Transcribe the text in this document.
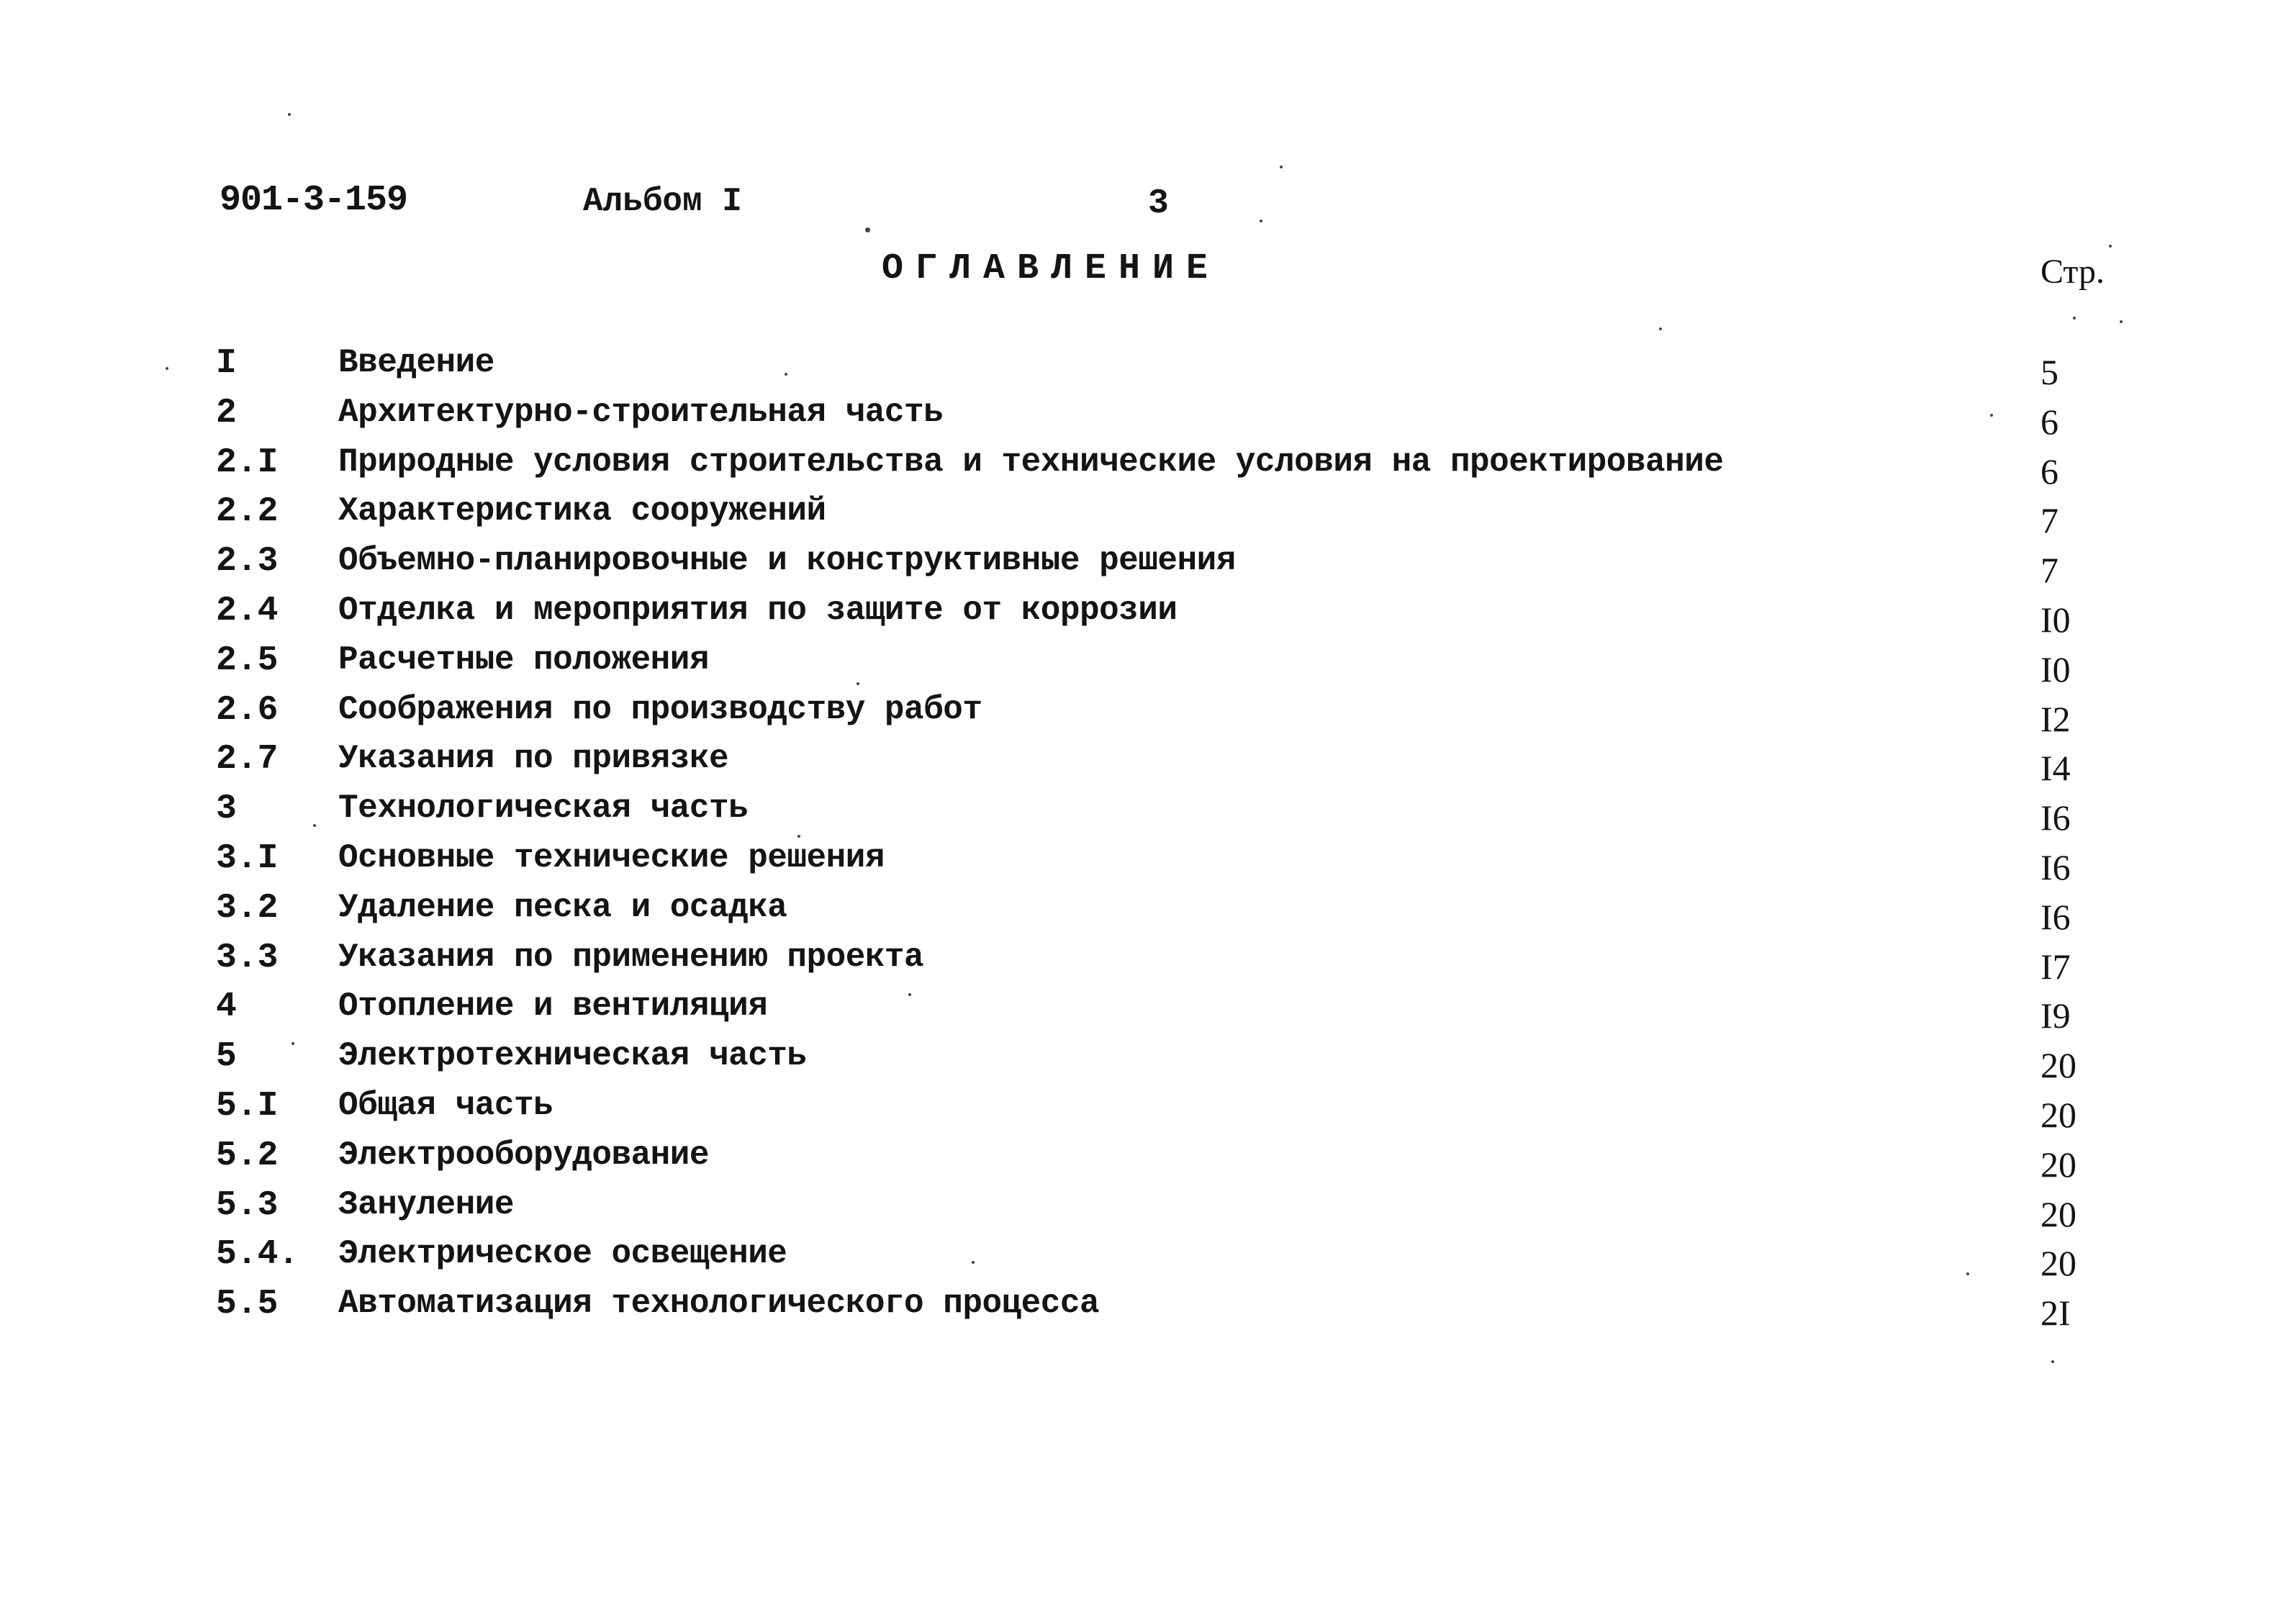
901-3-159	Альбом I	3
ОГЛАВЛЕНИЕ	Стр.
I	Введение	5
2	Архитектурно-строительная часть	6
2.I Природные условия строительства и технические условия на проектирование	6
2.2 Характеристика сооружений	7
2.3 Объемно-планировочные и конструктивные решения	7
2.4 Отделка и мероприятия по защите от коррозии	I0
2.5 Расчетные положения	I0
2.6 Соображения по производству работ	I2
2.7 Указания по привязке	I4
3	Технологическая часть	I6
3.I Основные технические решения	I6
3.2 Удаление песка и осадка	I6
3.3 Указания по применению проекта	I7
4	Отопление и вентиляция	I9
5	Электротехническая часть	20
5.I Общая часть	20
5.2 Электрооборудование	20
5.3 Зануление	20
5.4. Электрическое освещение	20
5.5 Автоматизация технологического процесса	2I
